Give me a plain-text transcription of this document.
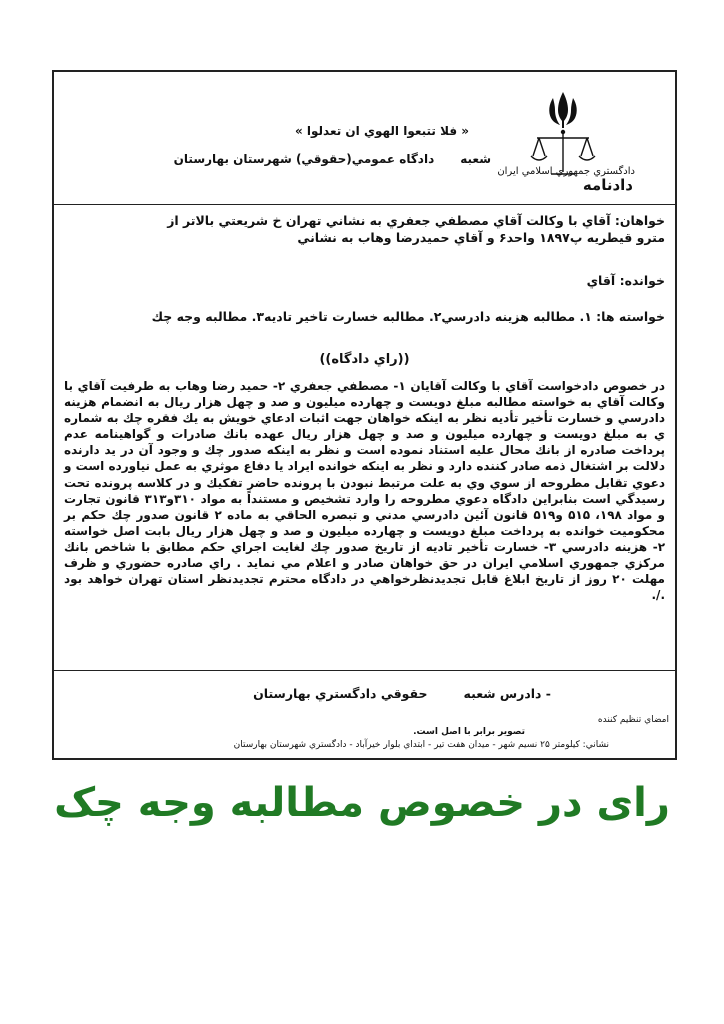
دادگستري جمهوري اسلامي ايران
« فلا تتبعوا الهوي ان تعدلوا »
شعبهدادگاه عمومي(حقوقي) شهرستان بهارستان
دادنامه
خواهان: آقاي با وكالت آقاي مصطفي جعفري به نشاني تهران خ شريعتي بالاتر از
مترو قيطريه پ۱۸۹۷ واحد۶ و آقاي حميدرضا وهاب به نشاني
خوانده: آقاي
خواسته ها: ۱. مطالبه هزينه دادرسي۲. مطالبه خسارت تاخير تاديه۳. مطالبه وجه چك
((راي دادگاه))
در خصوص دادخواست آقاي با وكالت آقايان ۱- مصطفي جعفري ۲- حميد رضا وهاب به طرفيت آقاي با وكالت آقاي به خواسته مطالبه مبلغ دويست و چهارده ميليون و صد و چهل هزار ريال به انضمام هزينه دادرسي و خسارت تأخير تأديه نظر به اينكه خواهان جهت اثبات ادعاي خويش به يك فقره چك به شماره ي به مبلغ دويست و چهارده ميليون و صد و چهل هزار ريال عهده بانك صادرات و گواهينامه عدم پرداخت صادره از بانك محال عليه استناد نموده است و نظر به اينكه صدور چك و وجود آن در يد دارنده دلالت بر اشتغال ذمه صادر كننده دارد و نظر به اينكه خوانده ايراد يا دفاع موثري به عمل نياورده است و دعوي تقابل مطروحه از سوي وي به علت مرتبط نبودن با پرونده حاضر تفكيك و در كلاسه پرونده تحت رسيدگي است بنابراين دادگاه دعوي مطروحه را وارد تشخيص و مستنداً به مواد ۳۱۰و۳۱۳ قانون تجارت و مواد ۱۹۸، ۵۱۵ و۵۱۹ قانون آئين دادرسي مدني و تبصره الحاقي به ماده ۲ قانون صدور چك حكم بر محكوميت خوانده به پرداخت مبلغ دويست و چهارده ميليون و صد و چهل هزار ريال بابت اصل خواسته ۲- هزينه دادرسي ۳- خسارت تأخير تاديه از تاريخ صدور چك لغايت اجراي حكم مطابق با شاخص بانك مركزي جمهوري اسلامي ايران در حق خواهان صادر و اعلام مي نمايد . راي صادره حضوري و ظرف مهلت ۲۰ روز از تاريخ ابلاغ قابل تجديدنظرخواهي در دادگاه محترم تجديدنظر استان تهران خواهد بود ./.
- دادرس شعبهحقوقي دادگستري بهارستان
امضاي تنظيم كننده
تصوير برابر با اصل است.
نشاني: كيلومتر ۲۵ نسيم شهر - ميدان هفت تير - ابتداي بلوار خيرآباد - دادگستري شهرستان بهارستان
رای در خصوص مطالبه وجه چک
